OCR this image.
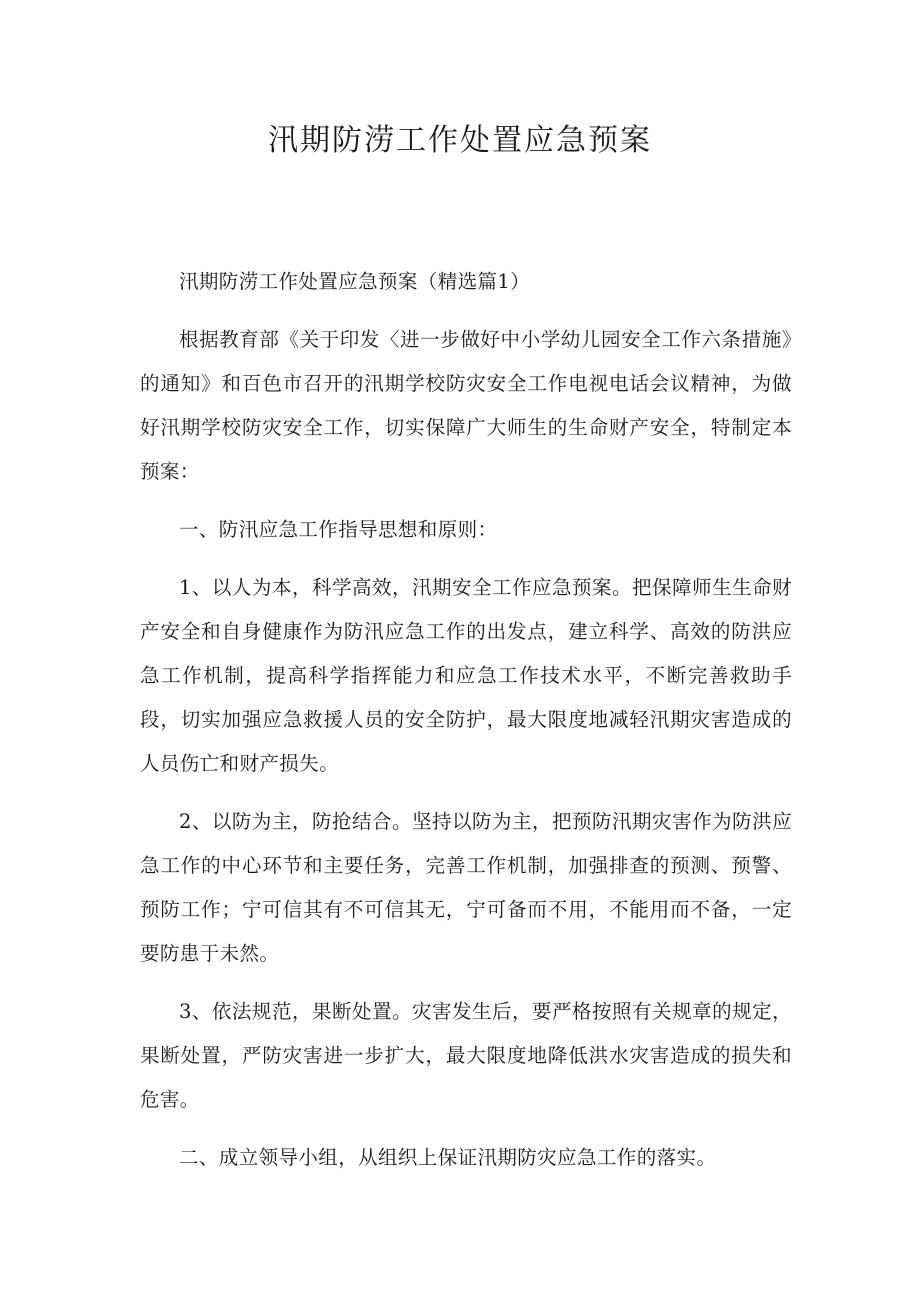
汛期防涝工作处置应急预案

汛期防涝工作处置应急预案（精选篇1）

根据教育部《关于印发〈进一步做好中小学幼儿园安全工作六条措施》的通知》和百色市召开的汛期学校防灾安全工作电视电话会议精神，为做好汛期学校防灾安全工作，切实保障广大师生的生命财产安全，特制定本预案：

一、防汛应急工作指导思想和原则：

1、以人为本，科学高效，汛期安全工作应急预案。把保障师生生命财产安全和自身健康作为防汛应急工作的出发点，建立科学、高效的防洪应急工作机制，提高科学指挥能力和应急工作技术水平，不断完善救助手段，切实加强应急救援人员的安全防护，最大限度地减轻汛期灾害造成的人员伤亡和财产损失。

2、以防为主，防抢结合。坚持以防为主，把预防汛期灾害作为防洪应急工作的中心环节和主要任务，完善工作机制，加强排查的预测、预警、预防工作；宁可信其有不可信其无，宁可备而不用，不能用而不备，一定要防患于未然。

3、依法规范，果断处置。灾害发生后，要严格按照有关规章的规定，果断处置，严防灾害进一步扩大，最大限度地降低洪水灾害造成的损失和危害。

二、成立领导小组，从组织上保证汛期防灾应急工作的落实。
